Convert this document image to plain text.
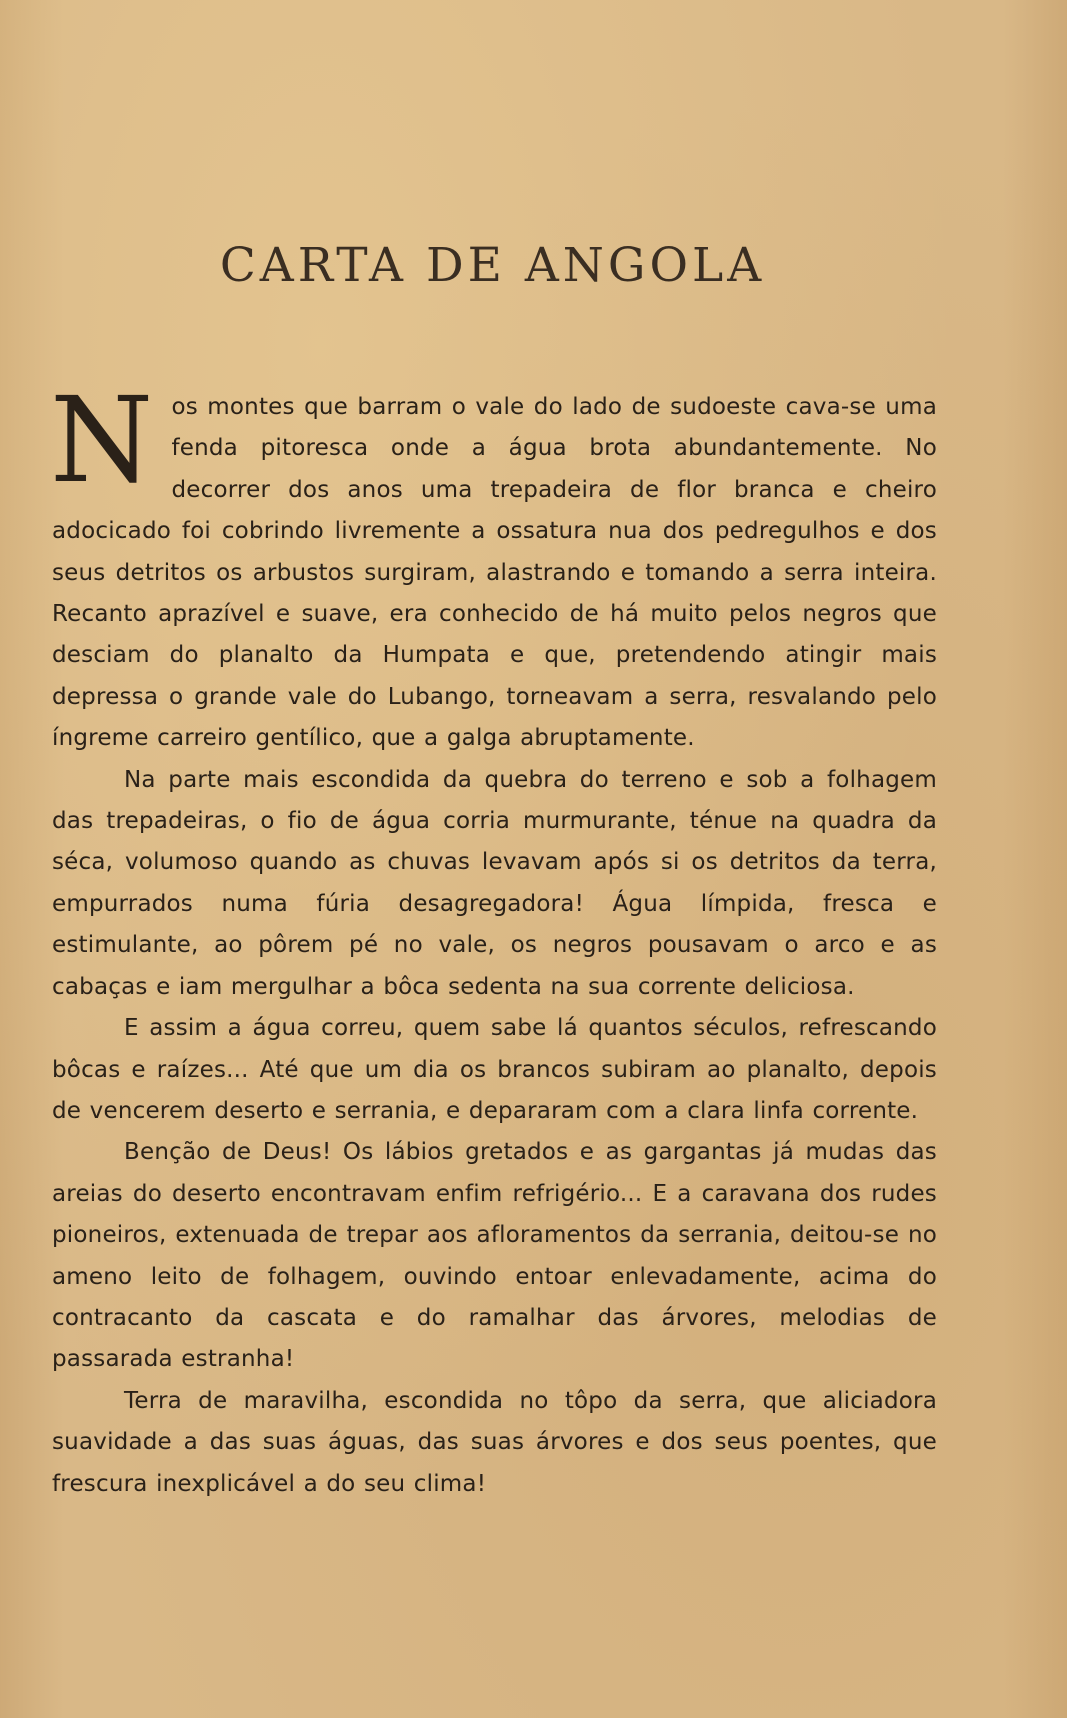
CARTA DE ANGOLA

Nos montes que barram o vale do lado de sudoeste cava-se uma fenda pitoresca onde a água brota abundantemente. No decorrer dos anos uma trepadeira de flor branca e cheiro adocicado foi cobrindo livremente a ossatura nua dos pedregulhos e dos seus detritos os arbustos surgiram, alastrando e tomando a serra inteira. Recanto aprazível e suave, era conhecido de há muito pelos negros que desciam do planalto da Humpata e que, pretendendo atingir mais depressa o grande vale do Lubango, torneavam a serra, resvalando pelo íngreme carreiro gentílico, que a galga abruptamente.

Na parte mais escondida da quebra do terreno e sob a folhagem das trepadeiras, o fio de água corria murmurante, ténue na quadra da séca, volumoso quando as chuvas levavam após si os detritos da terra, empurrados numa fúria desagregadora! Água límpida, fresca e estimulante, ao pôrem pé no vale, os negros pousavam o arco e as cabaças e iam mergulhar a bôca sedenta na sua corrente deliciosa.

E assim a água correu, quem sabe lá quantos séculos, refrescando bôcas e raízes... Até que um dia os brancos subiram ao planalto, depois de vencerem deserto e serrania, e depararam com a clara linfa corrente.

Benção de Deus! Os lábios gretados e as gargantas já mudas das areias do deserto encontravam enfim refrigério... E a caravana dos rudes pioneiros, extenuada de trepar aos afloramentos da serrania, deitou-se no ameno leito de folhagem, ouvindo entoar enlevadamente, acima do contracanto da cascata e do ramalhar das árvores, melodias de passarada estranha!

Terra de maravilha, escondida no tôpo da serra, que aliciadora suavidade a das suas águas, das suas árvores e dos seus poentes, que frescura inexplicável a do seu clima!
